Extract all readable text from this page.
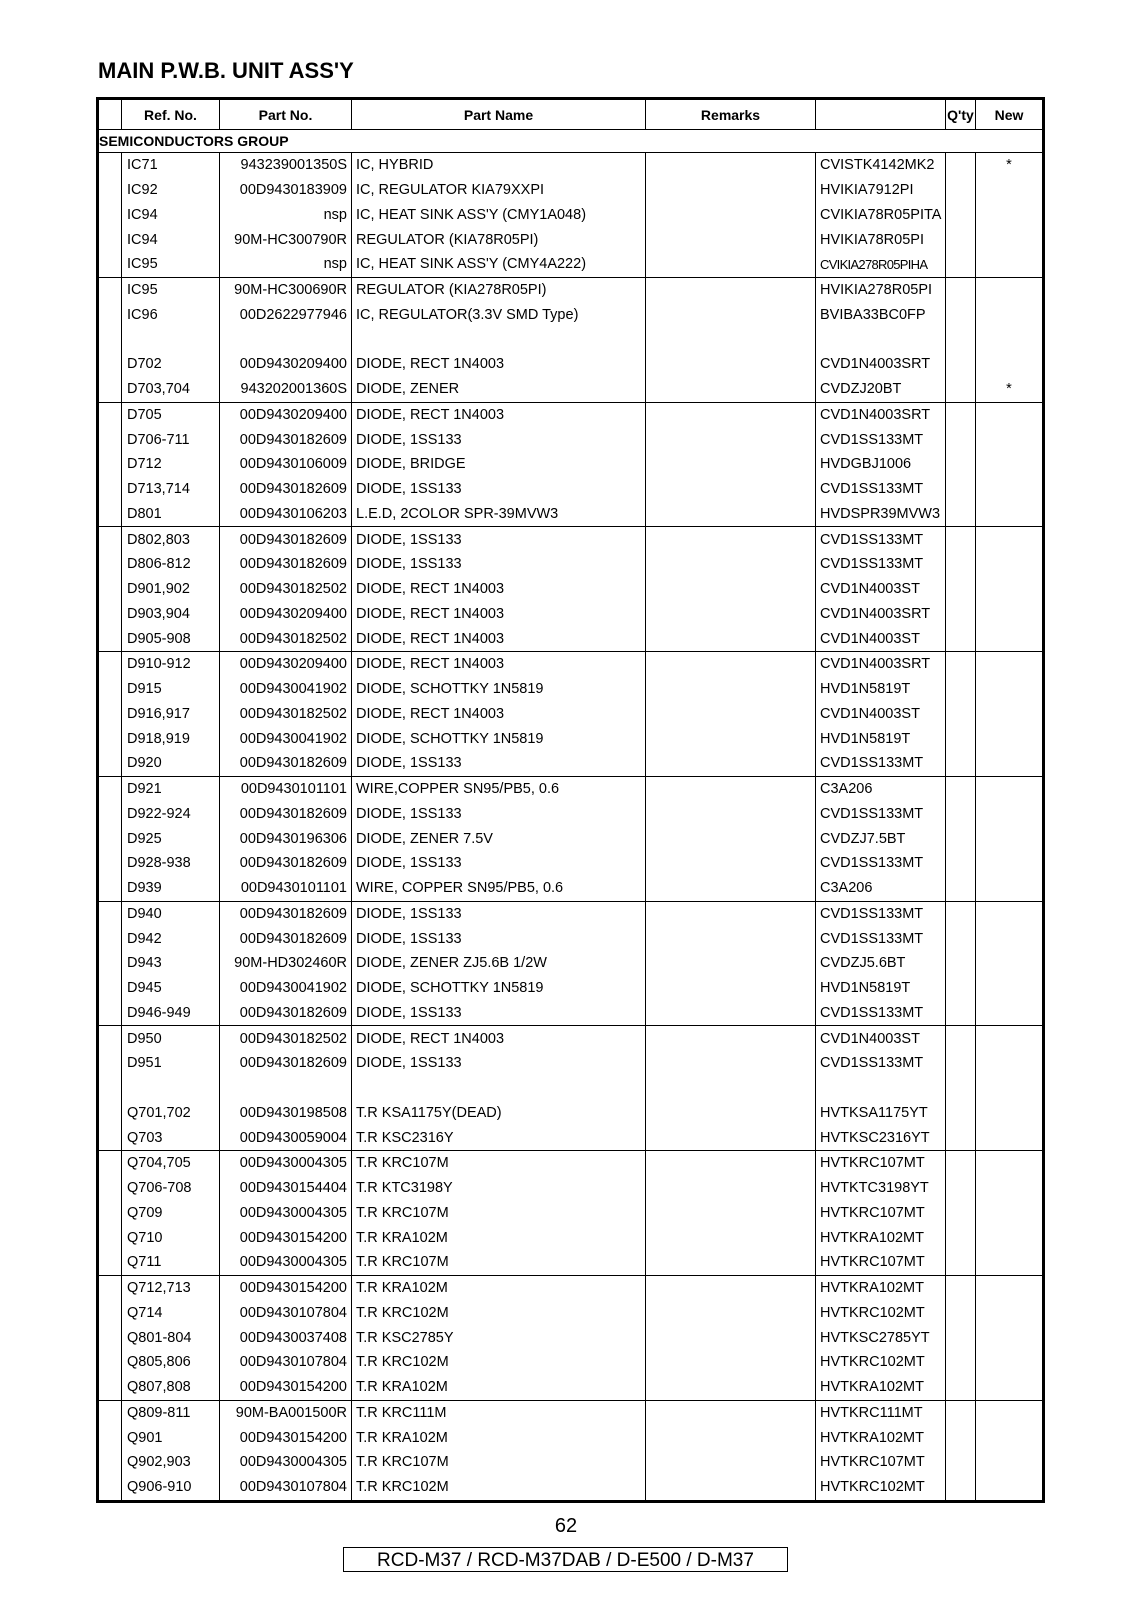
MAIN P.W.B. UNIT ASS'Y
	Ref. No.	Part No.	Part Name	Remarks		Q'ty	New
SEMICONDUCTORS GROUP							
	IC71	943239001350S	IC, HYBRID		CVISTK4142MK2		*
	IC92	00D9430183909	IC, REGULATOR KIA79XXPI		HVIKIA7912PI		
	IC94	nsp	IC, HEAT SINK ASS'Y (CMY1A048)		CVIKIA78R05PITA		
	IC94	90M-HC300790R	REGULATOR (KIA78R05PI)		HVIKIA78R05PI		
	IC95	nsp	IC, HEAT SINK ASS'Y (CMY4A222)		CVIKIA278R05PIHA		
	IC95	90M-HC300690R	REGULATOR (KIA278R05PI)		HVIKIA278R05PI		
	IC96	00D2622977946	IC, REGULATOR(3.3V SMD Type)		BVIBA33BC0FP		

	D702	00D9430209400	DIODE, RECT 1N4003		CVD1N4003SRT		
	D703,704	943202001360S	DIODE, ZENER		CVDZJ20BT		*
	D705	00D9430209400	DIODE, RECT 1N4003		CVD1N4003SRT		
	D706-711	00D9430182609	DIODE, 1SS133		CVD1SS133MT		
	D712	00D9430106009	DIODE, BRIDGE		HVDGBJ1006		
	D713,714	00D9430182609	DIODE, 1SS133		CVD1SS133MT		
	D801	00D9430106203	L.E.D, 2COLOR SPR-39MVW3		HVDSPR39MVW3		
	D802,803	00D9430182609	DIODE, 1SS133		CVD1SS133MT		
	D806-812	00D9430182609	DIODE, 1SS133		CVD1SS133MT		
	D901,902	00D9430182502	DIODE, RECT 1N4003		CVD1N4003ST		
	D903,904	00D9430209400	DIODE, RECT 1N4003		CVD1N4003SRT		
	D905-908	00D9430182502	DIODE, RECT 1N4003		CVD1N4003ST		
	D910-912	00D9430209400	DIODE, RECT 1N4003		CVD1N4003SRT		
	D915	00D9430041902	DIODE, SCHOTTKY 1N5819		HVD1N5819T		
	D916,917	00D9430182502	DIODE, RECT 1N4003		CVD1N4003ST		
	D918,919	00D9430041902	DIODE, SCHOTTKY 1N5819		HVD1N5819T		
	D920	00D9430182609	DIODE, 1SS133		CVD1SS133MT		
	D921	00D9430101101	WIRE,COPPER SN95/PB5, 0.6		C3A206		
	D922-924	00D9430182609	DIODE, 1SS133		CVD1SS133MT		
	D925	00D9430196306	DIODE, ZENER 7.5V		CVDZJ7.5BT		
	D928-938	00D9430182609	DIODE, 1SS133		CVD1SS133MT		
	D939	00D9430101101	WIRE, COPPER SN95/PB5, 0.6		C3A206		
	D940	00D9430182609	DIODE, 1SS133		CVD1SS133MT		
	D942	00D9430182609	DIODE, 1SS133		CVD1SS133MT		
	D943	90M-HD302460R	DIODE, ZENER ZJ5.6B 1/2W		CVDZJ5.6BT		
	D945	00D9430041902	DIODE, SCHOTTKY 1N5819		HVD1N5819T		
	D946-949	00D9430182609	DIODE, 1SS133		CVD1SS133MT		
	D950	00D9430182502	DIODE, RECT 1N4003		CVD1N4003ST		
	D951	00D9430182609	DIODE, 1SS133		CVD1SS133MT		

	Q701,702	00D9430198508	T.R KSA1175Y(DEAD)		HVTKSA1175YT		
	Q703	00D9430059004	T.R KSC2316Y		HVTKSC2316YT		
	Q704,705	00D9430004305	T.R KRC107M		HVTKRC107MT		
	Q706-708	00D9430154404	T.R KTC3198Y		HVTKTC3198YT		
	Q709	00D9430004305	T.R KRC107M		HVTKRC107MT		
	Q710	00D9430154200	T.R KRA102M		HVTKRA102MT		
	Q711	00D9430004305	T.R KRC107M		HVTKRC107MT		
	Q712,713	00D9430154200	T.R KRA102M		HVTKRA102MT		
	Q714	00D9430107804	T.R KRC102M		HVTKRC102MT		
	Q801-804	00D9430037408	T.R KSC2785Y		HVTKSC2785YT		
	Q805,806	00D9430107804	T.R KRC102M		HVTKRC102MT		
	Q807,808	00D9430154200	T.R KRA102M		HVTKRA102MT		
	Q809-811	90M-BA001500R	T.R KRC111M		HVTKRC111MT		
	Q901	00D9430154200	T.R KRA102M		HVTKRA102MT		
	Q902,903	00D9430004305	T.R KRC107M		HVTKRC107MT		
	Q906-910	00D9430107804	T.R KRC102M		HVTKRC102MT		
62
RCD-M37 / RCD-M37DAB / D-E500 / D-M37
